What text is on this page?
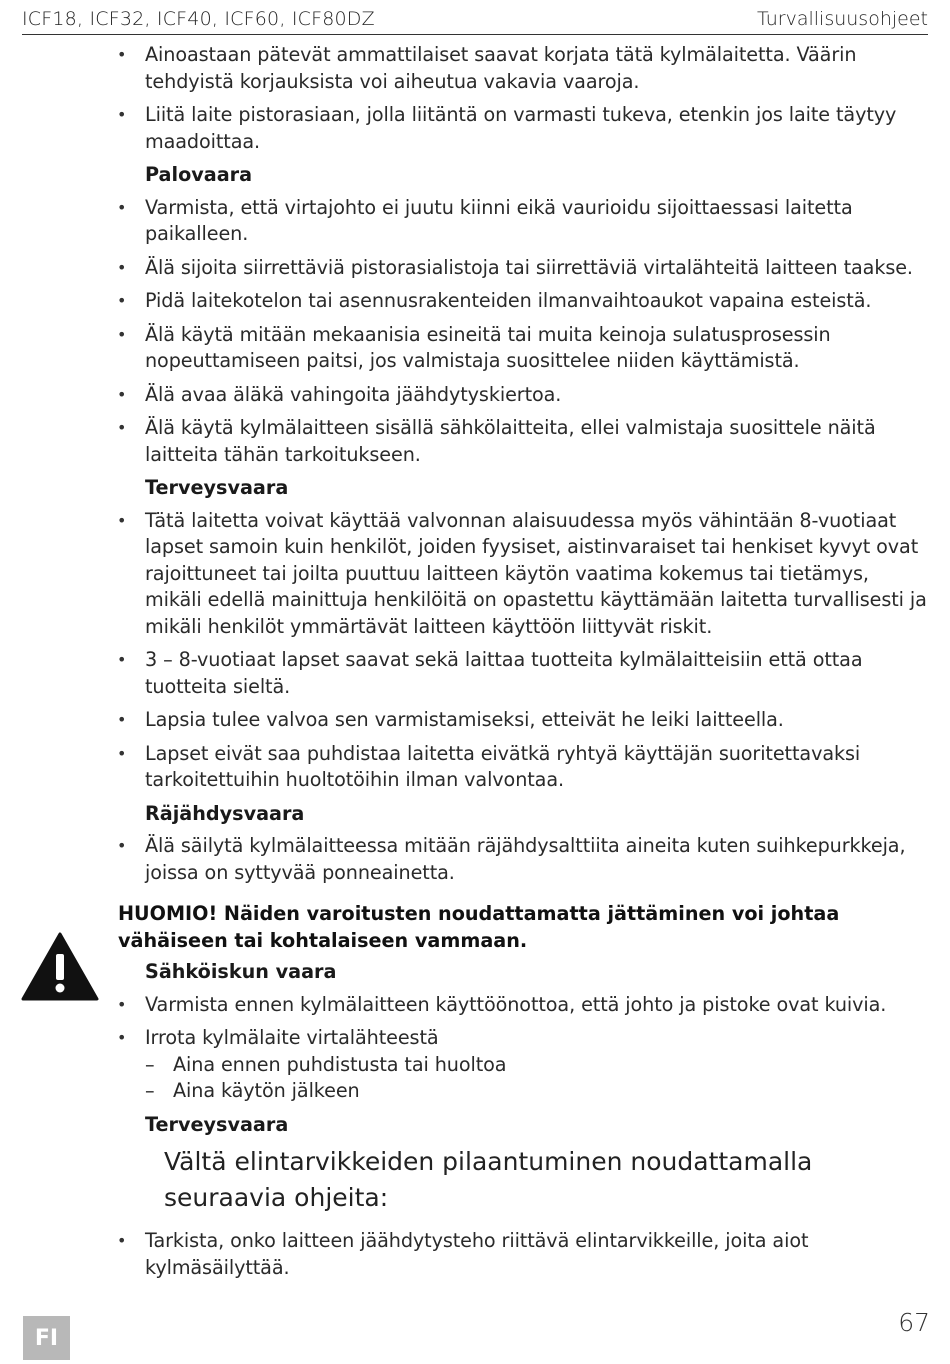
ICF18, ICF32, ICF40, ICF60, ICF80DZ	Turvallisuusohjeet
• Ainoastaan pätevät ammattilaiset saavat korjata tätä kylmälaitetta. Väärin tehdyistä korjauksista voi aiheutua vakavia vaaroja.
• Liitä laite pistorasiaan, jolla liitäntä on varmasti tukeva, etenkin jos laite täytyy maadoittaa.
Palovaara
• Varmista, että virtajohto ei juutu kiinni eikä vaurioidu sijoittaessasi laitetta paikalleen.
• Älä sijoita siirrettäviä pistorasialistoja tai siirrettäviä virtalähteitä laitteen taakse.
• Pidä laitekotelon tai asennusrakenteiden ilmanvaihtoaukot vapaina esteistä.
• Älä käytä mitään mekaanisia esineitä tai muita keinoja sulatusprosessin nopeuttamiseen paitsi, jos valmistaja suosittelee niiden käyttämistä.
• Älä avaa äläkä vahingoita jäähdytyskiertoa.
• Älä käytä kylmälaitteen sisällä sähkölaitteita, ellei valmistaja suosittele näitä laitteita tähän tarkoitukseen.
Terveysvaara
• Tätä laitetta voivat käyttää valvonnan alaisuudessa myös vähintään 8-vuotiaat lapset samoin kuin henkilöt, joiden fyysiset, aistinvaraiset tai henkiset kyvyt ovat rajoittuneet tai joilta puuttuu laitteen käytön vaatima kokemus tai tietämys, mikäli edellä mainittuja henkilöitä on opastettu käyttämään laitetta turvallisesti ja mikäli henkilöt ymmärtävät laitteen käyttöön liittyvät riskit.
• 3 – 8-vuotiaat lapset saavat sekä laittaa tuotteita kylmälaitteisiin että ottaa tuotteita sieltä.
• Lapsia tulee valvoa sen varmistamiseksi, etteivät he leiki laitteella.
• Lapset eivät saa puhdistaa laitetta eivätkä ryhtyä käyttäjän suoritettavaksi tarkoitettuihin huoltotöihin ilman valvontaa.
Räjähdysvaara
• Älä säilytä kylmälaitteessa mitään räjähdysalttiita aineita kuten suihkepurkkeja, joissa on syttyvää ponneainetta.
HUOMIO! Näiden varoitusten noudattamatta jättäminen voi johtaa vähäiseen tai kohtalaiseen vammaan.
Sähköiskun vaara
• Varmista ennen kylmälaitteen käyttöönottoa, että johto ja pistoke ovat kuivia.
• Irrota kylmälaite virtalähteestä
– Aina ennen puhdistusta tai huoltoa
– Aina käytön jälkeen
Terveysvaara
Vältä elintarvikkeiden pilaantuminen noudattamalla seuraavia ohjeita:
• Tarkista, onko laitteen jäähdytysteho riittävä elintarvikkeille, joita aiot kylmäsäilyttää.
FI
67
